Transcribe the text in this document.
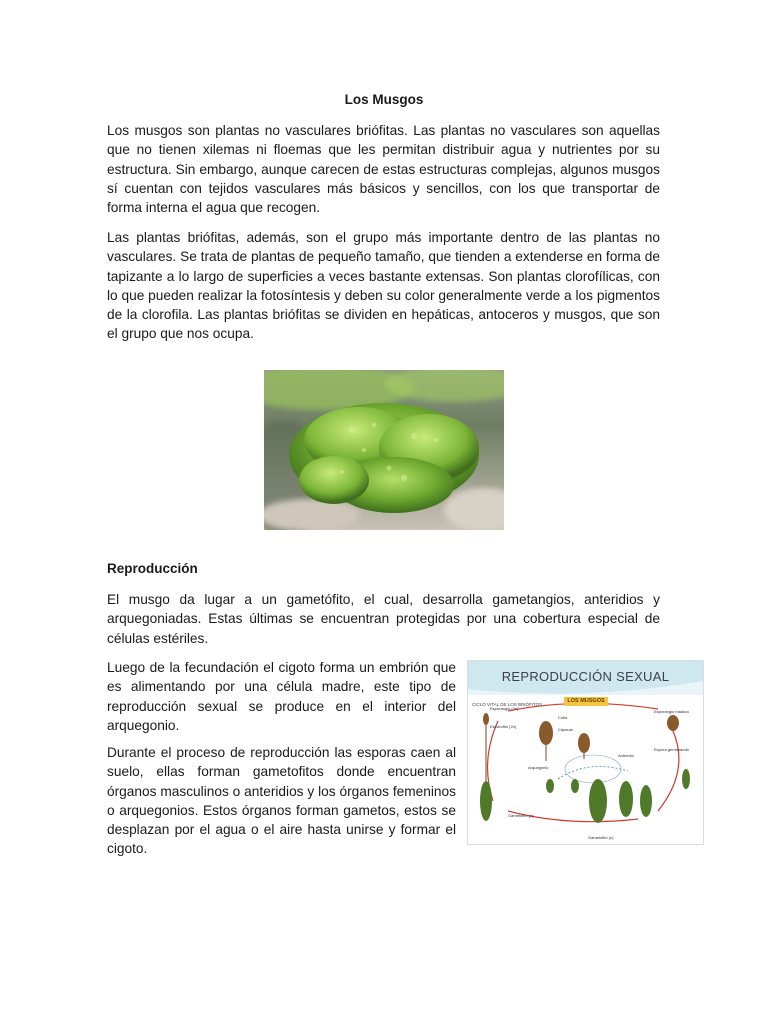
Los Musgos

Los musgos son plantas no vasculares briófitas. Las plantas no vasculares son aquellas que no tienen xilemas ni floemas que les permitan distribuir agua y nutrientes por su estructura. Sin embargo, aunque carecen de estas estructuras complejas, algunos musgos sí cuentan con tejidos vasculares más básicos y sencillos, con los que transportar de forma interna el agua que recogen.

Las plantas briófitas, además, son el grupo más importante dentro de las plantas no vasculares. Se trata de plantas de pequeño tamaño, que tienden a extenderse en forma de tapizante a lo largo de superficies a veces bastante extensas. Son plantas clorofílicas, con lo que pueden realizar la fotosíntesis y deben su color generalmente verde a los pigmentos de la clorofila. Las plantas briófitas se dividen en hepáticas, antoceros y musgos, que son el grupo que nos ocupa.

Reproducción

El musgo da lugar a un gametófito, el cual, desarrolla gametangios, anteridios y arquegoniadas. Estas últimas se encuentran protegidas por una cobertura especial de células estériles.

Luego de la fecundación el cigoto forma un embrión que es alimentando por una célula madre, este tipo de reproducción sexual se produce en el interior del arquegonio.

Durante el proceso de reproducción las esporas caen al suelo, ellas forman gametofitos donde encuentran órganos masculinos o anteridios y los órganos femeninos o arquegonios. Estos órganos forman gametos, estos se desplazan por el agua o el aire hasta unirse y formar el cigoto.

Esporangio (2n)
Esporofito (2n)
Cofia
Cápsula
Esporangio maduro
Espora germinando
Anteridio
Arquegonio
Gametofito (n)
Gametofito (n)
REPRODUCCIÓN SEXUAL
LOS MUSGOS
CICLO VITAL DE LOS BRIÓFITOS
